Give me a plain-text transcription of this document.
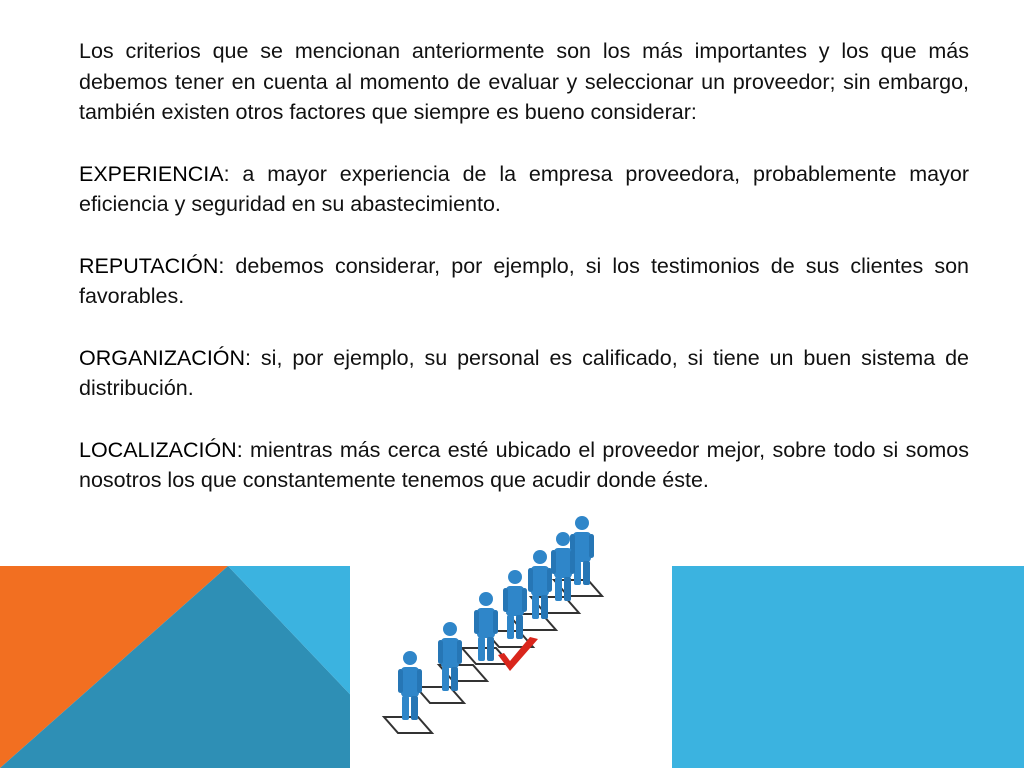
Los criterios que se mencionan anteriormente son los más importantes y los que más debemos tener en cuenta al momento de evaluar y seleccionar un proveedor; sin embargo, también existen otros factores que siempre es bueno considerar:

EXPERIENCIA: a mayor experiencia de la empresa proveedora, probablemente mayor eficiencia y seguridad en su abastecimiento.

REPUTACIÓN: debemos considerar, por ejemplo, si los testimonios de sus clientes son favorables.

ORGANIZACIÓN: si, por ejemplo, su personal es calificado, si tiene un buen sistema de distribución.

LOCALIZACIÓN: mientras más cerca esté ubicado el proveedor mejor, sobre todo si somos nosotros los que constantemente tenemos que acudir donde éste.
